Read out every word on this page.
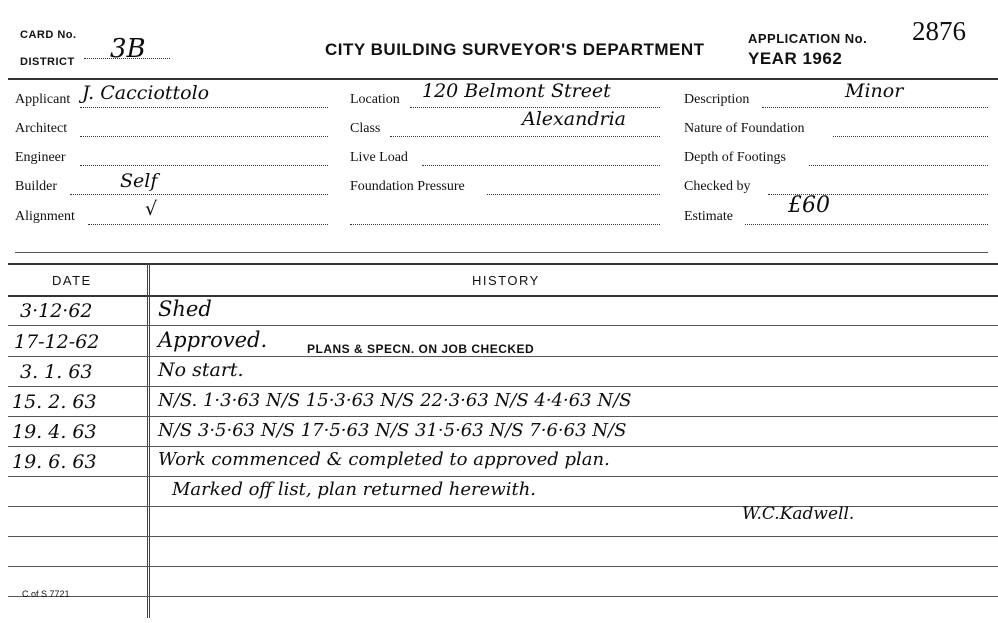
CARD No.
DISTRICT 3B	CITY BUILDING SURVEYOR'S DEPARTMENT
APPLICATION No. 2876
YEAR 1962
Applicant J. Cacciottolo
Architect
Engineer
Builder	Self
Alignment	√
Location 120 Belmont Street
Class	Alexandria
Live Load
Foundation Pressure
Description	Minor
Nature of Foundation
Depth of Footings
Checked by
Estimate	£60
DATE	HISTORY
3·12·62	Shed
17-12-62	Approved.	PLANS & SPECN. ON JOB CHECKED
3. 1. 63	No start.
15. 2. 63	N/S. 1·3·63 N/S 15·3·63 N/S 22·3·63 N/S 4·4·63 N/S
19. 4. 63	N/S 3·5·63 N/S 17·5·63 N/S 31·5·63 N/S 7·6·63 N/S
19. 6. 63	Work commenced & completed to approved plan.
Marked off list, plan returned herewith.
W.C.Kadwell.
C of S 7721
